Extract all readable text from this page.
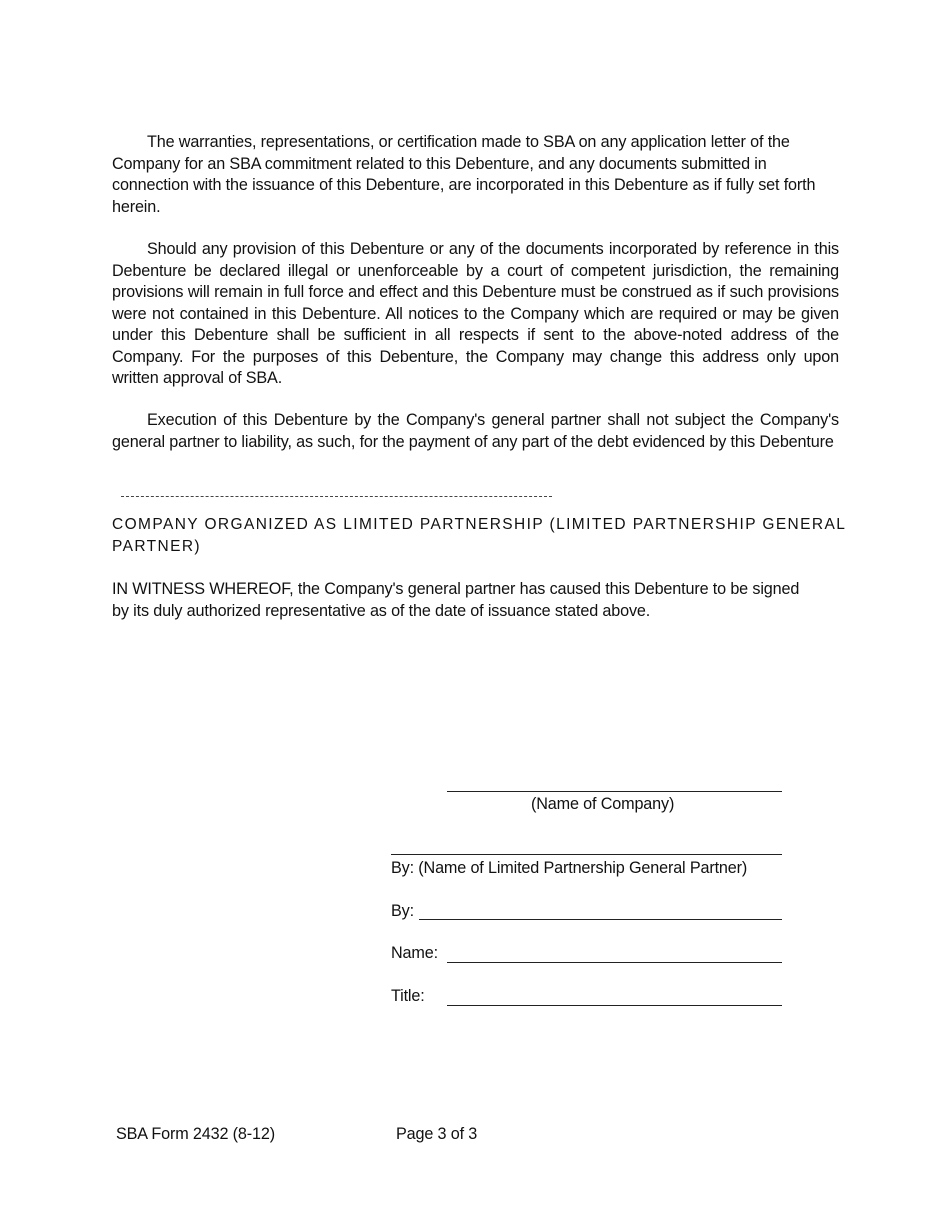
The warranties, representations, or certification made to SBA on any application letter of the Company for an SBA commitment related to this Debenture, and any documents submitted in connection with the issuance of this Debenture, are incorporated in this Debenture as if fully set forth herein.

Should any provision of this Debenture or any of the documents incorporated by reference in this Debenture be declared illegal or unenforceable by a court of competent jurisdiction, the remaining provisions will remain in full force and effect and this Debenture must be construed as if such provisions were not contained in this Debenture. All notices to the Company which are required or may be given under this Debenture shall be sufficient in all respects if sent to the above-noted address of the Company. For the purposes of this Debenture, the Company may change this address only upon written approval of SBA.

Execution of this Debenture by the Company's general partner shall not subject the Company's general partner to liability, as such, for the payment of any part of the debt evidenced by this Debenture

COMPANY ORGANIZED AS LIMITED PARTNERSHIP (LIMITED PARTNERSHIP GENERAL PARTNER)

IN WITNESS WHEREOF, the Company's general partner has caused this Debenture to be signed by its duly authorized representative as of the date of issuance stated above.

(Name of Company)
By: (Name of Limited Partnership General Partner)
By:
Name:
Title:
SBA Form 2432 (8-12)	Page 3 of 3
